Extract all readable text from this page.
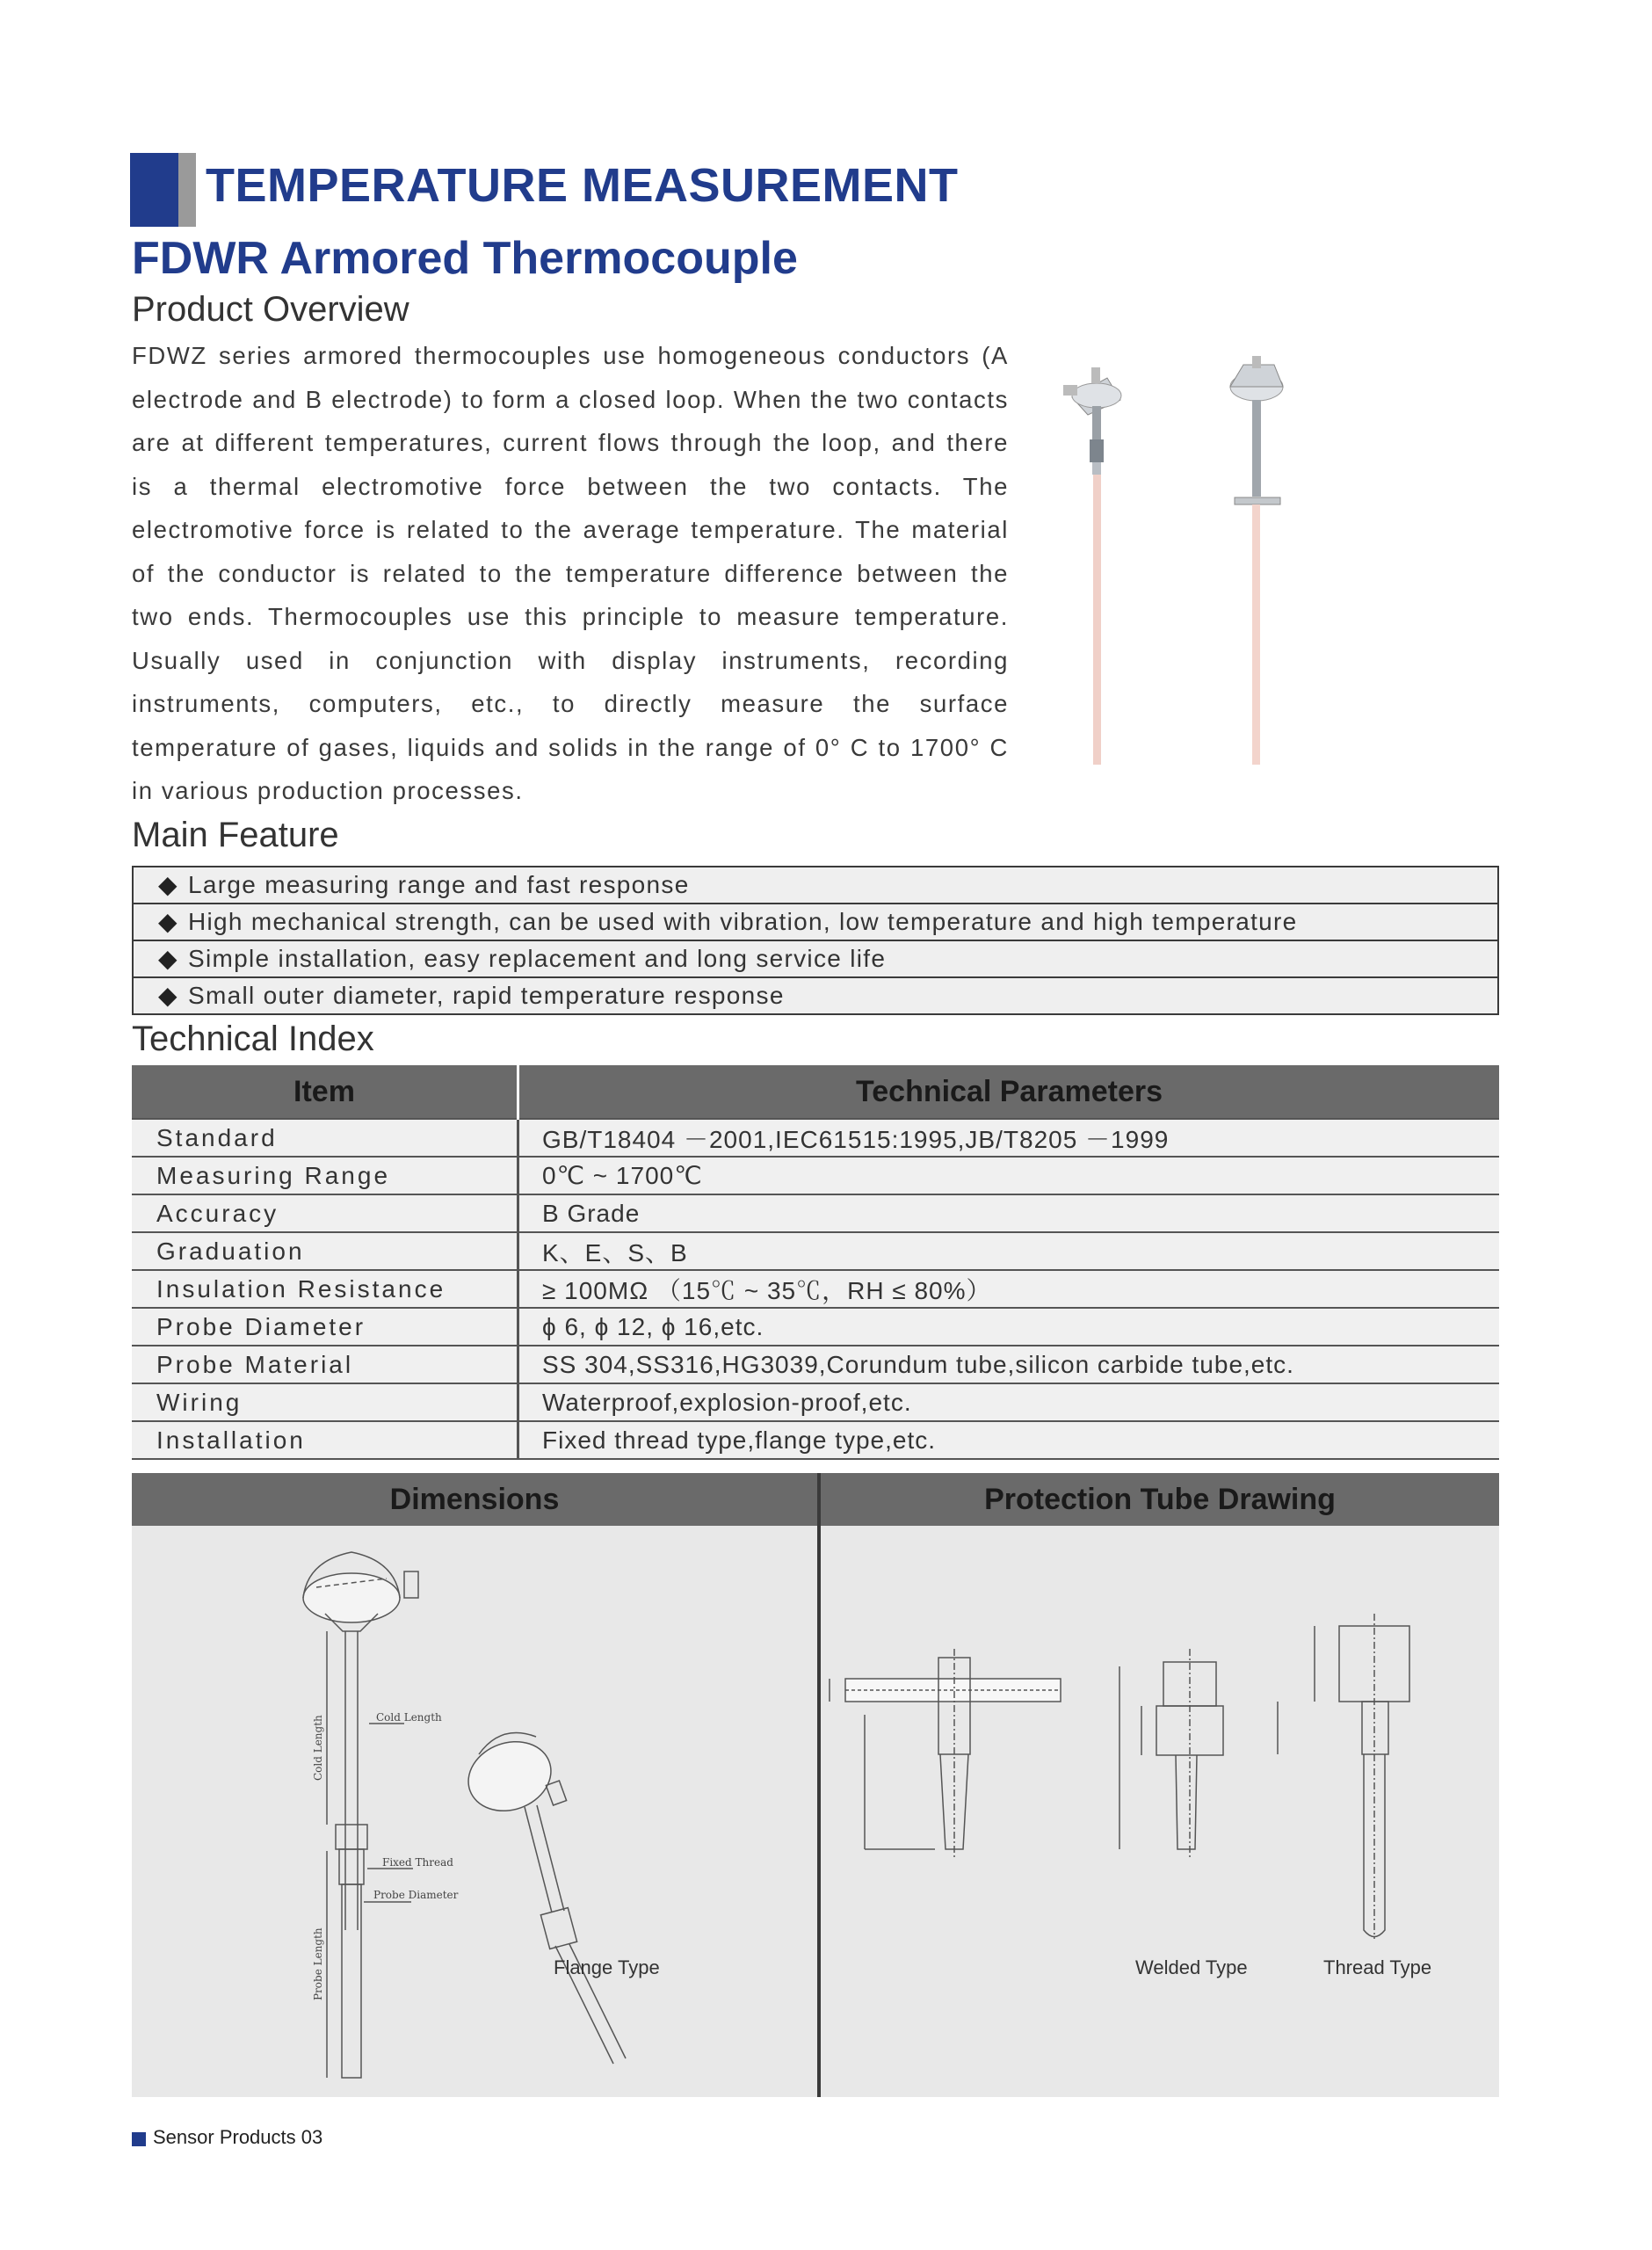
TEMPERATURE MEASUREMENT
FDWR Armored Thermocouple
Product Overview

FDWZ series armored thermocouples use homogeneous conductors (A electrode and B electrode) to form a closed loop. When the two contacts are at different temperatures, current flows through the loop, and there is a thermal electromotive force between the two contacts. The electromotive force is related to the average temperature. The material of the conductor is related to the temperature difference between the two ends. Thermocouples use this principle to measure temperature. Usually used in conjunction with display instruments, recording instruments, computers, etc., to directly measure the surface temperature of gases, liquids and solids in the range of 0° C to 1700° C in various production processes.

Main Feature
◆ Large measuring range and fast response
◆ High mechanical strength, can be used with vibration, low temperature and high temperature
◆ Simple installation, easy replacement and long service life
◆ Small outer diameter, rapid temperature response
Technical Index
Item	Technical Parameters
Standard	GB/T18404 －2001,IEC61515:1995,JB/T8205 －1999
Measuring Range	0℃ ~ 1700℃
Accuracy	B Grade
Graduation	K、E、S、B
Insulation Resistance	≥ 100MΩ （15℃ ~ 35℃，RH ≤ 80%）
Probe Diameter	ϕ 6, ϕ 12, ϕ 16,etc.
Probe Material	SS 304,SS316,HG3039,Corundum tube,silicon carbide tube,etc.
Wiring	Waterproof,explosion-proof,etc.
Installation	Fixed thread type,flange type,etc.
Dimensions	Protection Tube Drawing
Cold Length	Cold Length
Probe Length
Fixed Thread
Probe Diameter
Flange Type	Welded Type	Thread Type
Sensor Products 03
